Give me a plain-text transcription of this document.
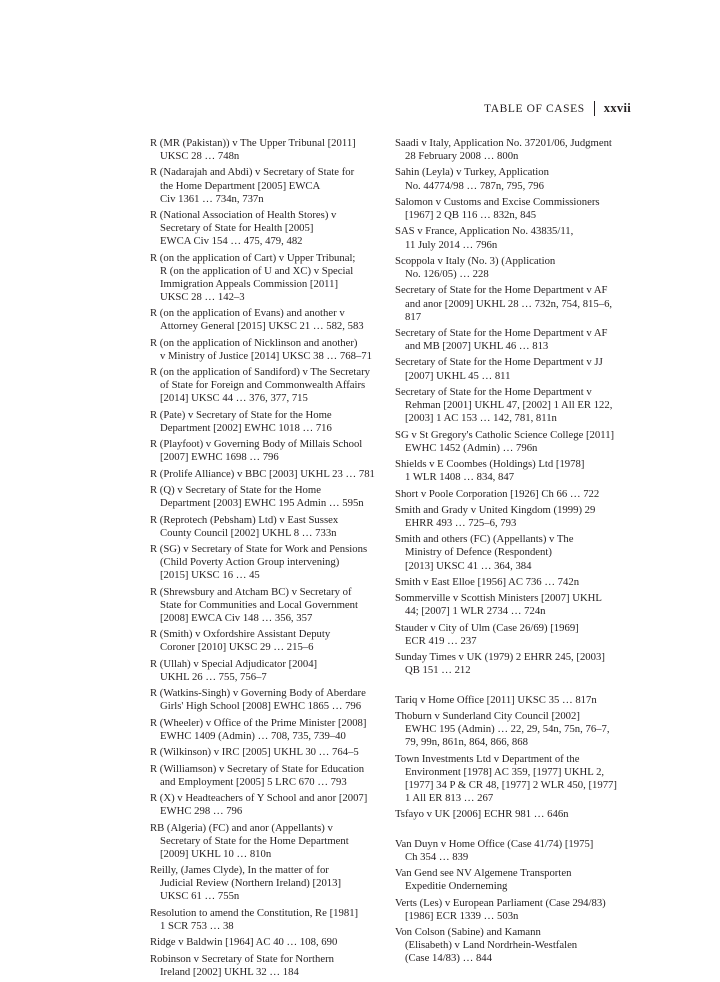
TABLE OF CASES xxvii
R (MR (Pakistan)) v The Upper Tribunal [2011]
UKSC 28 … 748n
R (Nadarajah and Abdi) v Secretary of State for
the Home Department [2005] EWCA
Civ 1361 … 734n, 737n
R (National Association of Health Stores) v
Secretary of State for Health [2005]
EWCA Civ 154 … 475, 479, 482
R (on the application of Cart) v Upper Tribunal;
R (on the application of U and XC) v Special
Immigration Appeals Commission [2011]
UKSC 28 … 142–3
R (on the application of Evans) and another v
Attorney General [2015] UKSC 21 … 582, 583
R (on the application of Nicklinson and another)
v Ministry of Justice [2014] UKSC 38 … 768–71
R (on the application of Sandiford) v The Secretary
of State for Foreign and Commonwealth Affairs
[2014] UKSC 44 … 376, 377, 715
R (Pate) v Secretary of State for the Home
Department [2002] EWHC 1018 … 716
R (Playfoot) v Governing Body of Millais School
[2007] EWHC 1698 … 796
R (Prolife Alliance) v BBC [2003] UKHL 23 … 781
R (Q) v Secretary of State for the Home
Department [2003] EWHC 195 Admin … 595n
R (Reprotech (Pebsham) Ltd) v East Sussex
County Council [2002] UKHL 8 … 733n
R (SG) v Secretary of State for Work and Pensions
(Child Poverty Action Group intervening)
[2015] UKSC 16 … 45
R (Shrewsbury and Atcham BC) v Secretary of
State for Communities and Local Government
[2008] EWCA Civ 148 … 356, 357
R (Smith) v Oxfordshire Assistant Deputy
Coroner [2010] UKSC 29 … 215–6
R (Ullah) v Special Adjudicator [2004]
UKHL 26 … 755, 756–7
R (Watkins-Singh) v Governing Body of Aberdare
Girls' High School [2008] EWHC 1865 … 796
R (Wheeler) v Office of the Prime Minister [2008]
EWHC 1409 (Admin) … 708, 735, 739–40
R (Wilkinson) v IRC [2005] UKHL 30 … 764–5
R (Williamson) v Secretary of State for Education
and Employment [2005] 5 LRC 670 … 793
R (X) v Headteachers of Y School and anor [2007]
EWHC 298 … 796
RB (Algeria) (FC) and anor (Appellants) v
Secretary of State for the Home Department
[2009] UKHL 10 … 810n
Reilly, (James Clyde), In the matter of for
Judicial Review (Northern Ireland) [2013]
UKSC 61 … 755n
Resolution to amend the Constitution, Re [1981]
1 SCR 753 … 38
Ridge v Baldwin [1964] AC 40 … 108, 690
Robinson v Secretary of State for Northern
Ireland [2002] UKHL 32 … 184
Saadi v Italy, Application No. 37201/06, Judgment
28 February 2008 … 800n
Sahin (Leyla) v Turkey, Application
No. 44774/98 … 787n, 795, 796
Salomon v Customs and Excise Commissioners
[1967] 2 QB 116 … 832n, 845
SAS v France, Application No. 43835/11,
11 July 2014 … 796n
Scoppola v Italy (No. 3) (Application
No. 126/05) … 228
Secretary of State for the Home Department v AF
and anor [2009] UKHL 28 … 732n, 754, 815–6,
817
Secretary of State for the Home Department v AF
and MB [2007] UKHL 46 … 813
Secretary of State for the Home Department v JJ
[2007] UKHL 45 … 811
Secretary of State for the Home Department v
Rehman [2001] UKHL 47, [2002] 1 All ER 122,
[2003] 1 AC 153 … 142, 781, 811n
SG v St Gregory's Catholic Science College [2011]
EWHC 1452 (Admin) … 796n
Shields v E Coombes (Holdings) Ltd [1978]
1 WLR 1408 … 834, 847
Short v Poole Corporation [1926] Ch 66 … 722
Smith and Grady v United Kingdom (1999) 29
EHRR 493 … 725–6, 793
Smith and others (FC) (Appellants) v The
Ministry of Defence (Respondent)
[2013] UKSC 41 … 364, 384
Smith v East Elloe [1956] AC 736 … 742n
Sommerville v Scottish Ministers [2007] UKHL
44; [2007] 1 WLR 2734 … 724n
Stauder v City of Ulm (Case 26/69) [1969]
ECR 419 … 237
Sunday Times v UK (1979) 2 EHRR 245, [2003]
QB 151 … 212
Tariq v Home Office [2011] UKSC 35 … 817n
Thoburn v Sunderland City Council [2002]
EWHC 195 (Admin) … 22, 29, 54n, 75n, 76–7,
79, 99n, 861n, 864, 866, 868
Town Investments Ltd v Department of the
Environment [1978] AC 359, [1977] UKHL 2,
[1977] 34 P & CR 48, [1977] 2 WLR 450, [1977]
1 All ER 813 … 267
Tsfayo v UK [2006] ECHR 981 … 646n
Van Duyn v Home Office (Case 41/74) [1975]
Ch 354 … 839
Van Gend see NV Algemene Transporten
Expeditie Onderneming
Verts (Les) v European Parliament (Case 294/83)
[1986] ECR 1339 … 503n
Von Colson (Sabine) and Kamann
(Elisabeth) v Land Nordrhein-Westfalen
(Case 14/83) … 844
